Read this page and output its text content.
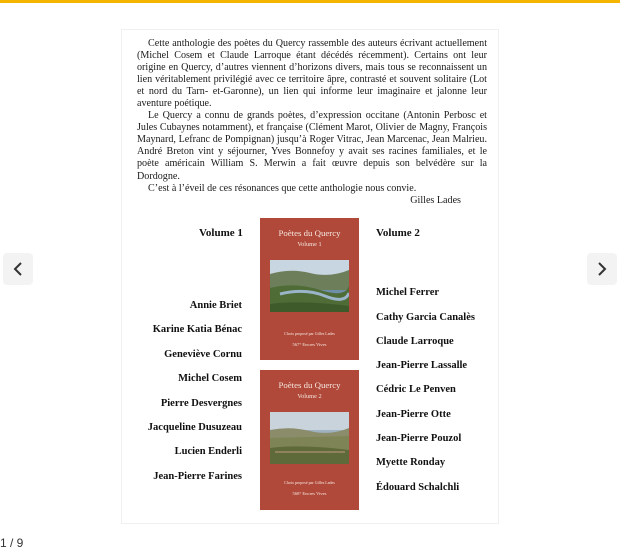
Cette anthologie des poètes du Quercy rassemble des auteurs écrivant actuellement (Michel Cosem et Claude Larroque étant décédés récemment). Certains ont leur origine en Quercy, d’autres viennent d’horizons divers, mais tous se reconnaissent un lien véritablement privilégié avec ce territoire âpre, contrasté et souvent solitaire (Lot et nord du Tarn- et-Garonne), un lien qui informe leur imaginaire et jalonne leur aventure poétique.

Le Quercy a connu de grands poètes, d’expression occitane (Antonin Perbosc et Jules Cubaynes notamment), et française (Clément Marot, Olivier de Magny, François Maynard, Lefranc de Pompignan) jusqu’à Roger Vitrac, Jean Marcenac, Jean Malrieu. André Breton vint y séjourner, Yves Bonnefoy y avait ses racines familiales, et le poète américain William S. Merwin a fait œuvre depuis son belvédère sur la Dordogne.

C’est à l’éveil de ces résonances que cette anthologie nous convie.

Gilles Lades

Volume 1
Annie Briet
Karine Katia Bénac
Geneviève Cornu
Michel Cosem
Pierre Desvergnes
Jacqueline Dusuzeau
Lucien Enderli
Jean-Pierre Farines
Poètes du Quercy
Volume 1
Choix proposé par Gilles Lades
567° Encres Vives
Poètes du Quercy
Volume 2
Choix proposé par Gilles Lades
568° Encres Vives
Volume 2
Michel Ferrer
Cathy Garcia Canalès
Claude Larroque
Jean-Pierre Lassalle
Cédric Le Penven
Jean-Pierre Otte
Jean-Pierre Pouzol
Myette Ronday
Édouard Schalchli
1 / 9
